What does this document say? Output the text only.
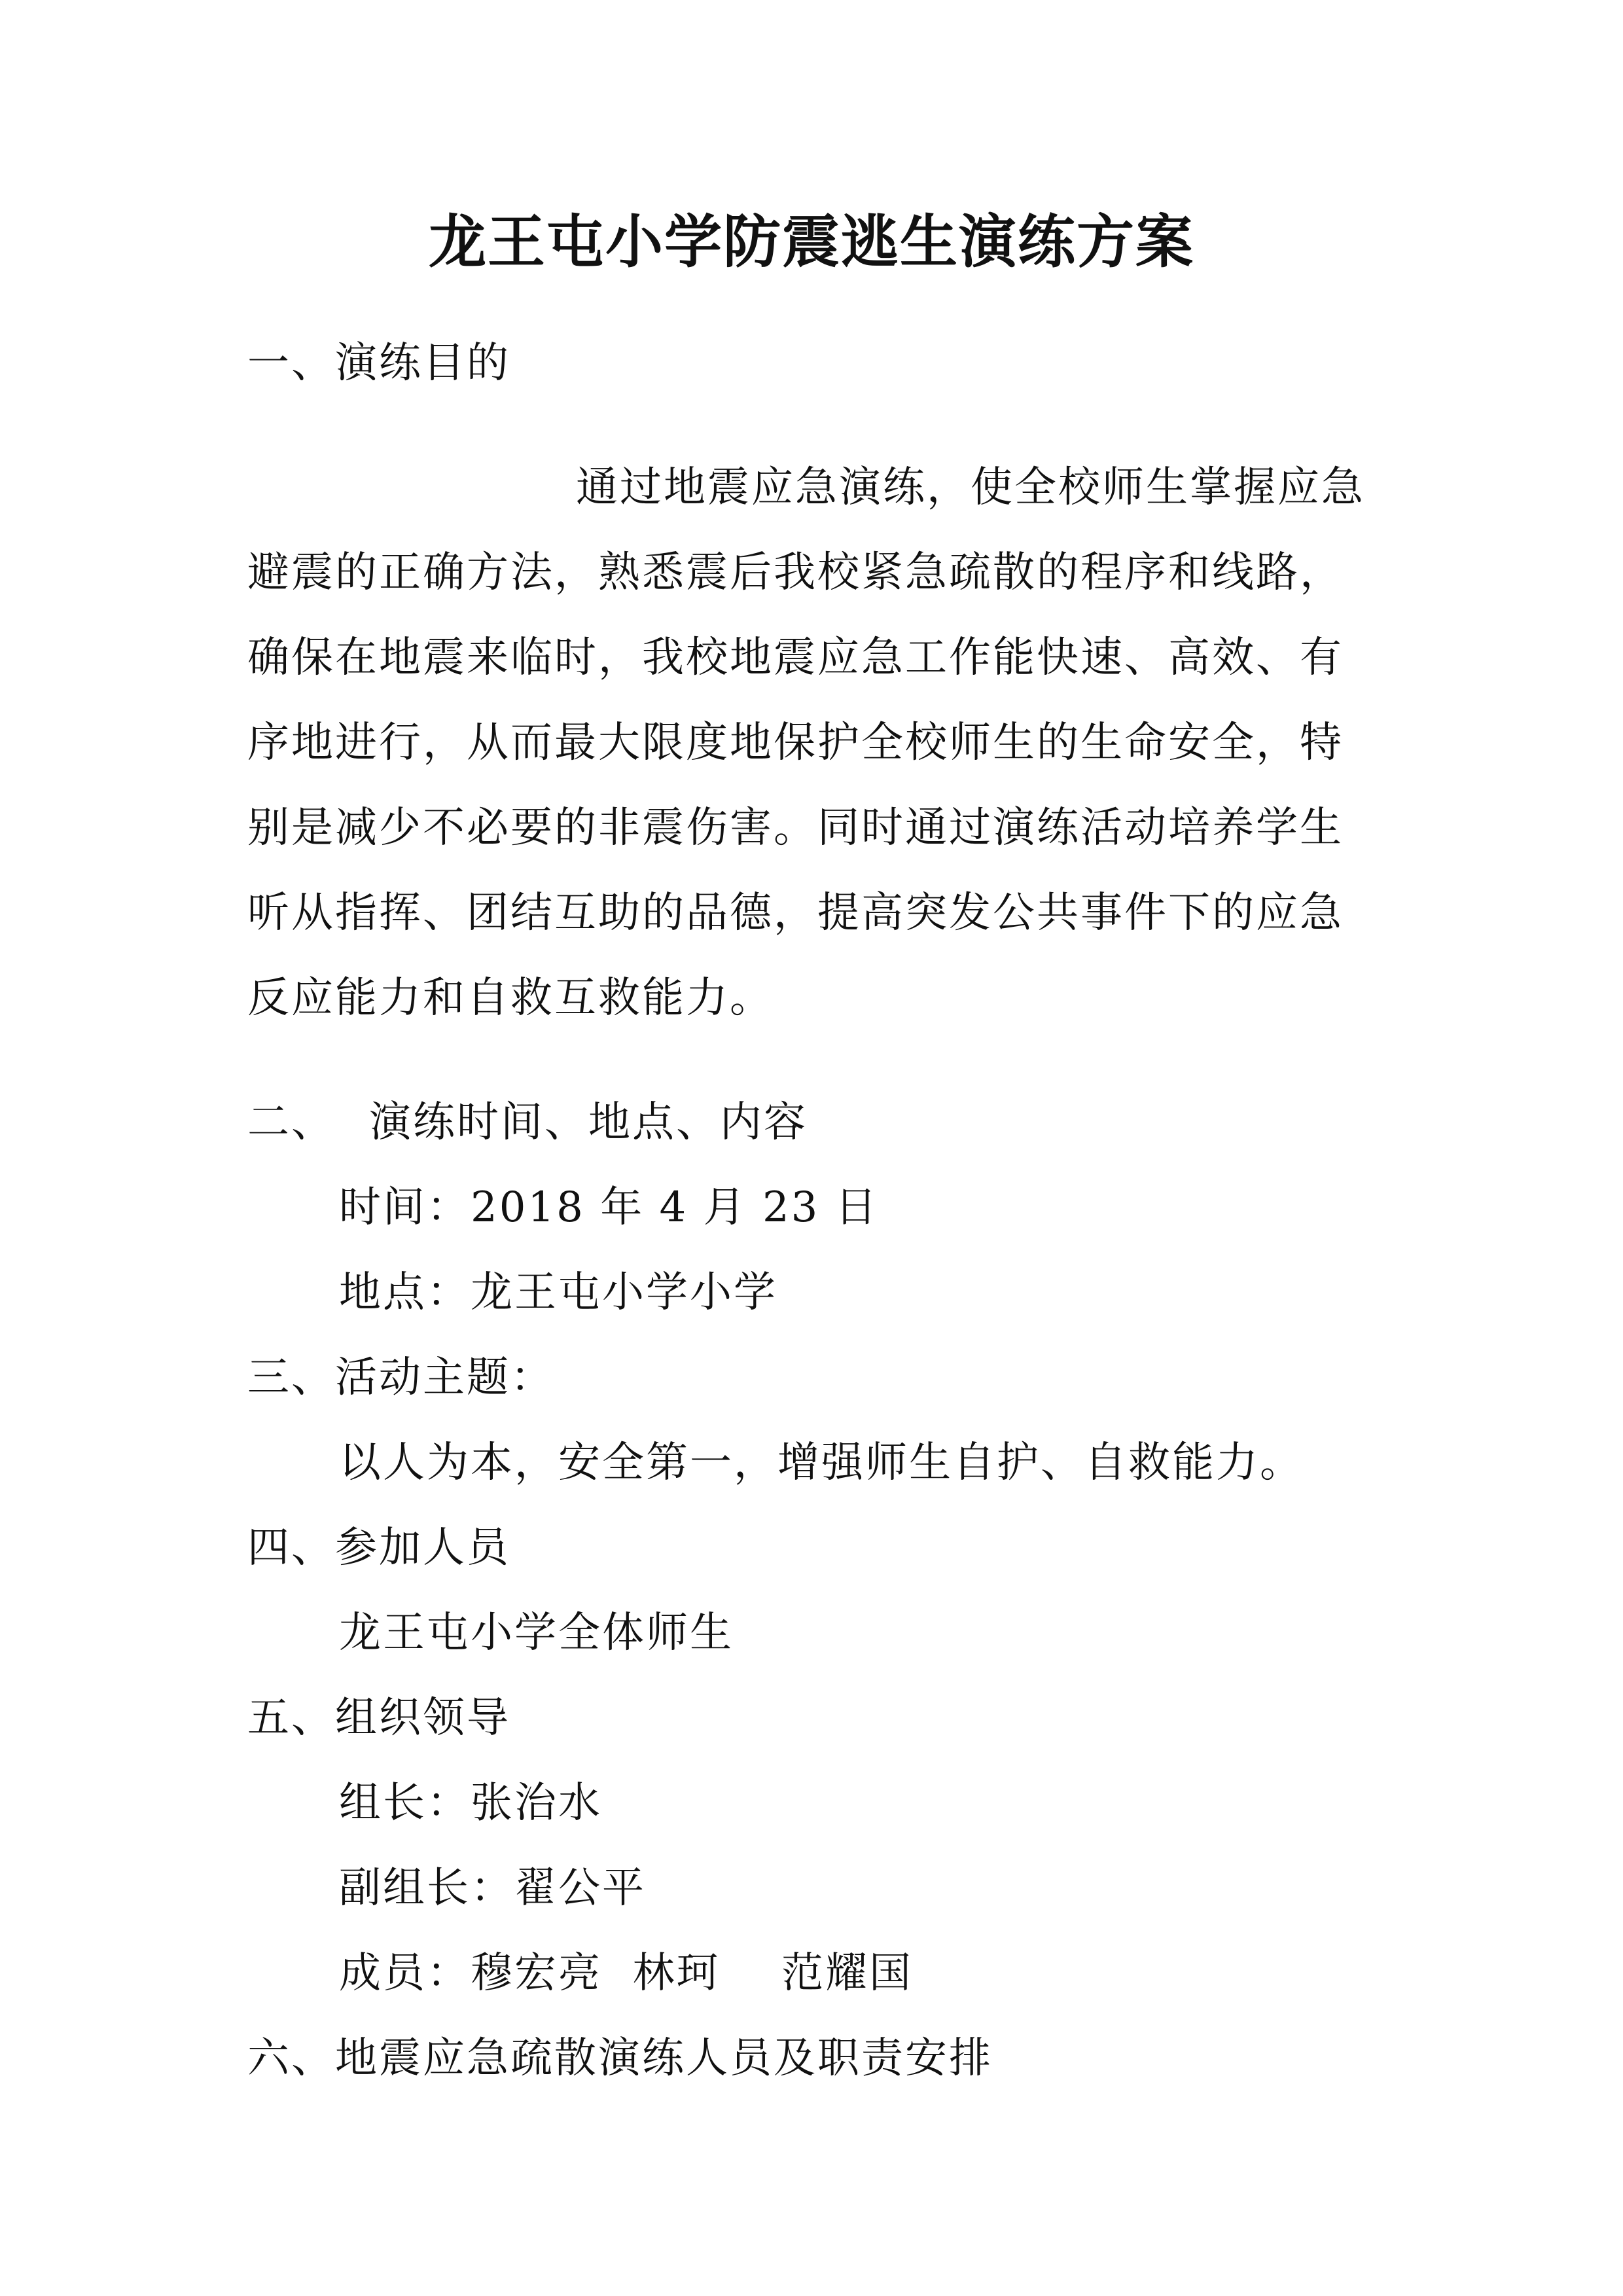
龙王屯小学防震逃生演练方案
一、演练目的
通过地震应急演练，使全校师生掌握应急
避震的正确方法，熟悉震后我校紧急疏散的程序和线路，
确保在地震来临时，我校地震应急工作能快速、高效、有
序地进行，从而最大限度地保护全校师生的生命安全，特
别是减少不必要的非震伤害。同时通过演练活动培养学生
听从指挥、团结互助的品德，提高突发公共事件下的应急
反应能力和自救互救能力。
二、 演练时间、地点、内容
时间：2018 年 4 月 23 日
地点：龙王屯小学小学
三、活动主题：
以人为本，安全第一，增强师生自护、自救能力。
四、参加人员
龙王屯小学全体师生
五、组织领导
组长：张治水
副组长：翟公平
成员：穆宏亮  林珂    范耀国
六、地震应急疏散演练人员及职责安排
